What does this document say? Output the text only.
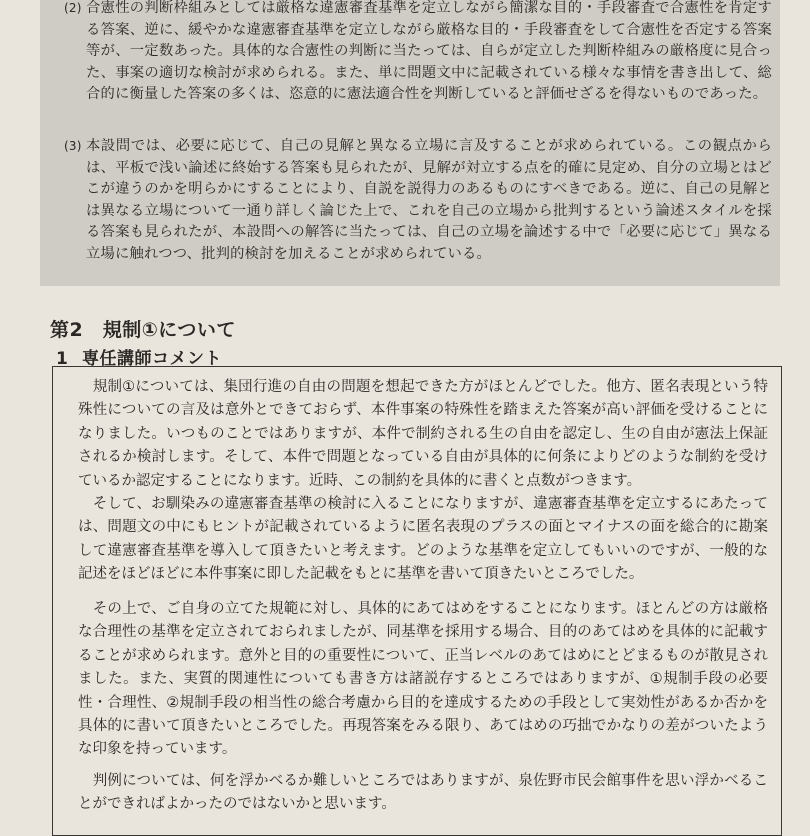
(2) 合憲性の判断枠組みとしては厳格な違憲審査基準を定立しながら簡潔な目的・手段審査で合憲性を肯定する答案、逆に、緩やかな違憲審査基準を定立しながら厳格な目的・手段審査をして合憲性を否定する答案等が、一定数あった。具体的な合憲性の判断に当たっては、自らが定立した判断枠組みの厳格度に見合った、事案の適切な検討が求められる。また、単に問題文中に記載されている様々な事情を書き出して、総合的に衡量した答案の多くは、恣意的に憲法適合性を判断していると評価せざるを得ないものであった。

(3) 本設問では、必要に応じて、自己の見解と異なる立場に言及することが求められている。この観点からは、平板で浅い論述に終始する答案も見られたが、見解が対立する点を的確に見定め、自分の立場とはどこが違うのかを明らかにすることにより、自説を説得力のあるものにすべきである。逆に、自己の見解とは異なる立場について一通り詳しく論じた上で、これを自己の立場から批判するという論述スタイルを採る答案も見られたが、本設問への解答に当たっては、自己の立場を論述する中で「必要に応じて」異なる立場に触れつつ、批判的検討を加えることが求められている。

第2　規制①について
1 専任講師コメント

　規制①については、集団行進の自由の問題を想起できた方がほとんどでした。他方、匿名表現という特殊性についての言及は意外とできておらず、本件事案の特殊性を踏まえた答案が高い評価を受けることになりました。いつものことではありますが、本件で制約される生の自由を認定し、生の自由が憲法上保証されるか検討します。そして、本件で問題となっている自由が具体的に何条によりどのような制約を受けているか認定することになります。近時、この制約を具体的に書くと点数がつきます。

　そして、お馴染みの違憲審査基準の検討に入ることになりますが、違憲審査基準を定立するにあたっては、問題文の中にもヒントが記載されているように匿名表現のプラスの面とマイナスの面を総合的に勘案して違憲審査基準を導入して頂きたいと考えます。どのような基準を定立してもいいのですが、一般的な記述をほどほどに本件事案に即した記載をもとに基準を書いて頂きたいところでした。

　その上で、ご自身の立てた規範に対し、具体的にあてはめをすることになります。ほとんどの方は厳格な合理性の基準を定立されておられましたが、同基準を採用する場合、目的のあてはめを具体的に記載することが求められます。意外と目的の重要性について、正当レベルのあてはめにとどまるものが散見されました。また、実質的関連性についても書き方は諸説存するところではありますが、①規制手段の必要性・合理性、②規制手段の相当性の総合考慮から目的を達成するための手段として実効性があるか否かを具体的に書いて頂きたいところでした。再現答案をみる限り、あてはめの巧拙でかなりの差がついたような印象を持っています。

　判例については、何を浮かべるか難しいところではありますが、泉佐野市民会館事件を思い浮かべることができればよかったのではないかと思います。
